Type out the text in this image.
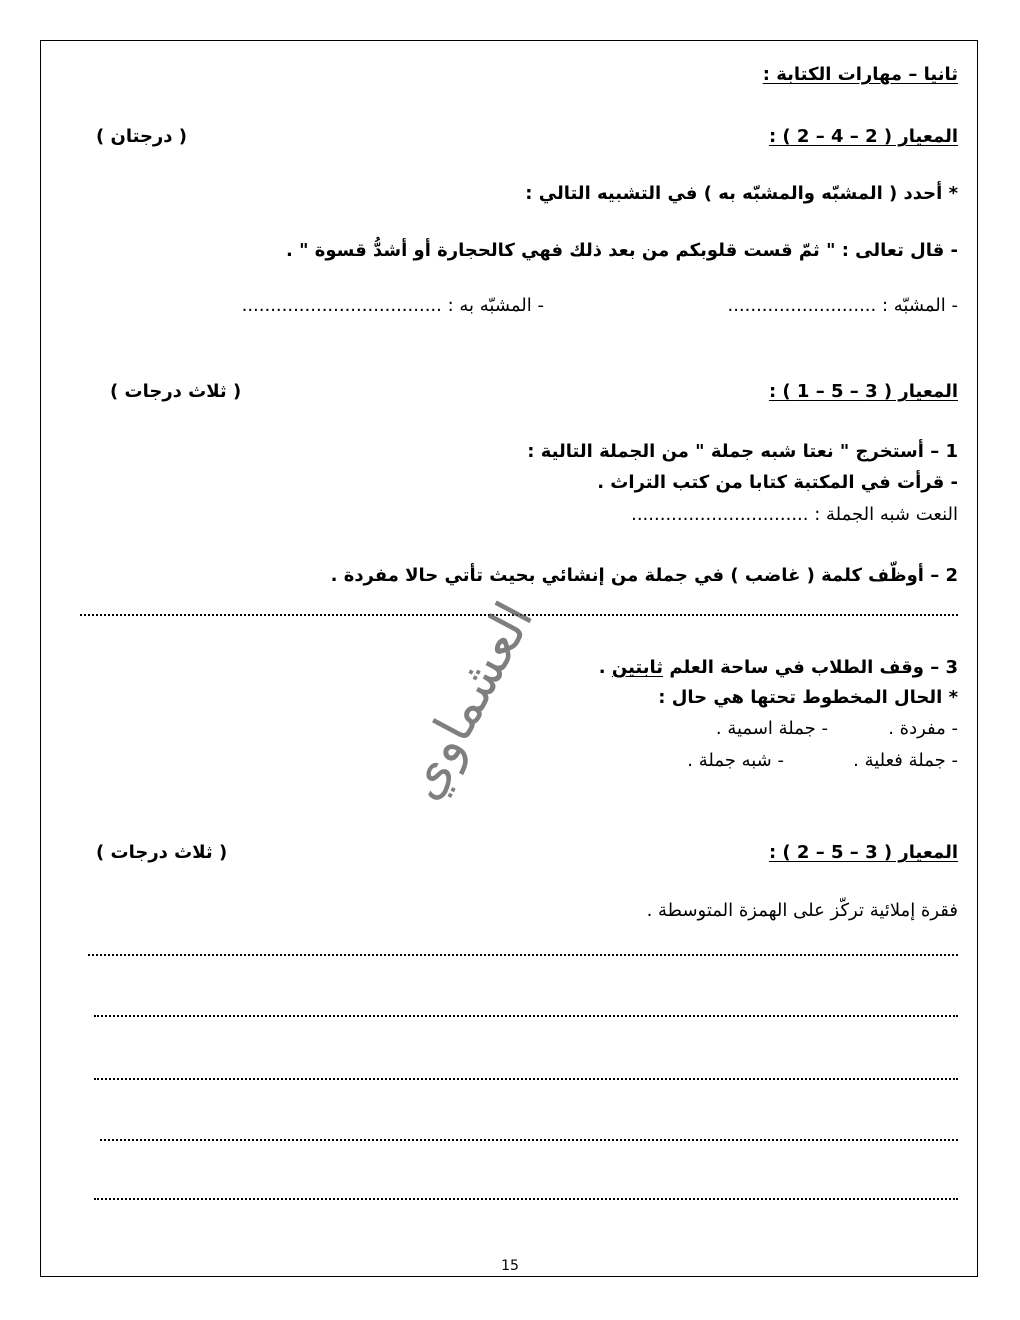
ثانيا – مهارات الكتابة :
المعيار ( 2 – 4 – 2 ) :
( درجتان )
* أحدد ( المشبّه والمشبّه به ) في التشبيه التالي :
- قال تعالى : " ثمّ قست قلوبكم من بعد ذلك فهي كالحجارة أو أشدُّ قسوة " .
- المشبّه : ..........................
- المشبّه به : ...................................
المعيار ( 3 – 5 – 1 ) :
( ثلاث درجات )
1 – أستخرج " نعتا شبه جملة " من الجملة التالية :
- قرأت في المكتبة كتابا من كتب التراث .
النعت شبه الجملة : ...............................
2 – أوظّف كلمة ( غاضب ) في جملة من إنشائي بحيث تأتي حالا مفردة .
3 – وقف الطلاب في ساحة العلم ثابتين .
* الحال المخطوط تحتها هي حال :
- مفردة .
- جملة اسمية .
- جملة فعلية .
- شبه جملة .
المعيار ( 3 – 5 – 2 ) :
( ثلاث درجات )
فقرة إملائية تركّز على الهمزة المتوسطة .
العشماوي
15
